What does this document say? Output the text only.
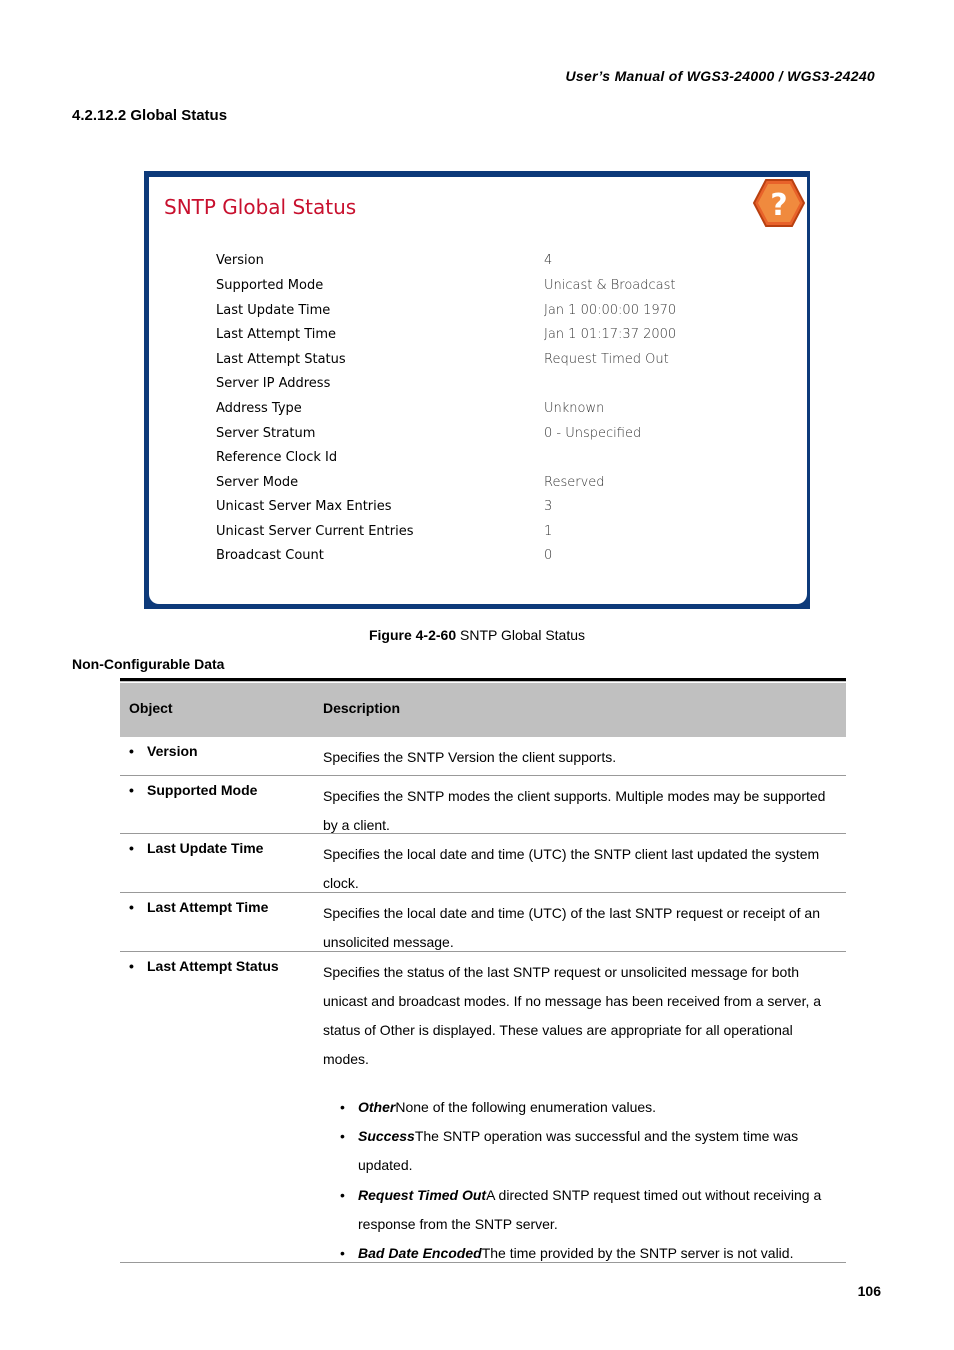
User’s Manual of WGS3-24000 / WGS3-24240
4.2.12.2 Global Status
SNTP Global Status	?
Version	4
Supported Mode	Unicast & Broadcast
Last Update Time	Jan 1 00:00:00 1970
Last Attempt Time	Jan 1 01:17:37 2000
Last Attempt Status	Request Timed Out
Server IP Address
Address Type	Unknown
Server Stratum	0 - Unspecified
Reference Clock Id
Server Mode	Reserved
Unicast Server Max Entries	3
Unicast Server Current Entries	1
Broadcast Count	0
Figure 4-2-60 SNTP Global Status
Non-Configurable Data
Object	Description
• Version	Specifies the SNTP Version the client supports.
• Supported Mode	Specifies the SNTP modes the client supports. Multiple modes may be supported
by a client.
• Last Update Time	Specifies the local date and time (UTC) the SNTP client last updated the system
clock.
• Last Attempt Time	Specifies the local date and time (UTC) of the last SNTP request or receipt of an
unsolicited message.
• Last Attempt Status	Specifies the status of the last SNTP request or unsolicited message for both
unicast and broadcast modes. If no message has been received from a server, a
status of Other is displayed. These values are appropriate for all operational
modes.
• OtherNone of the following enumeration values.
• SuccessThe SNTP operation was successful and the system time was
updated.
• Request Timed OutA directed SNTP request timed out without receiving a
response from the SNTP server.
• Bad Date EncodedThe time provided by the SNTP server is not valid.
106
